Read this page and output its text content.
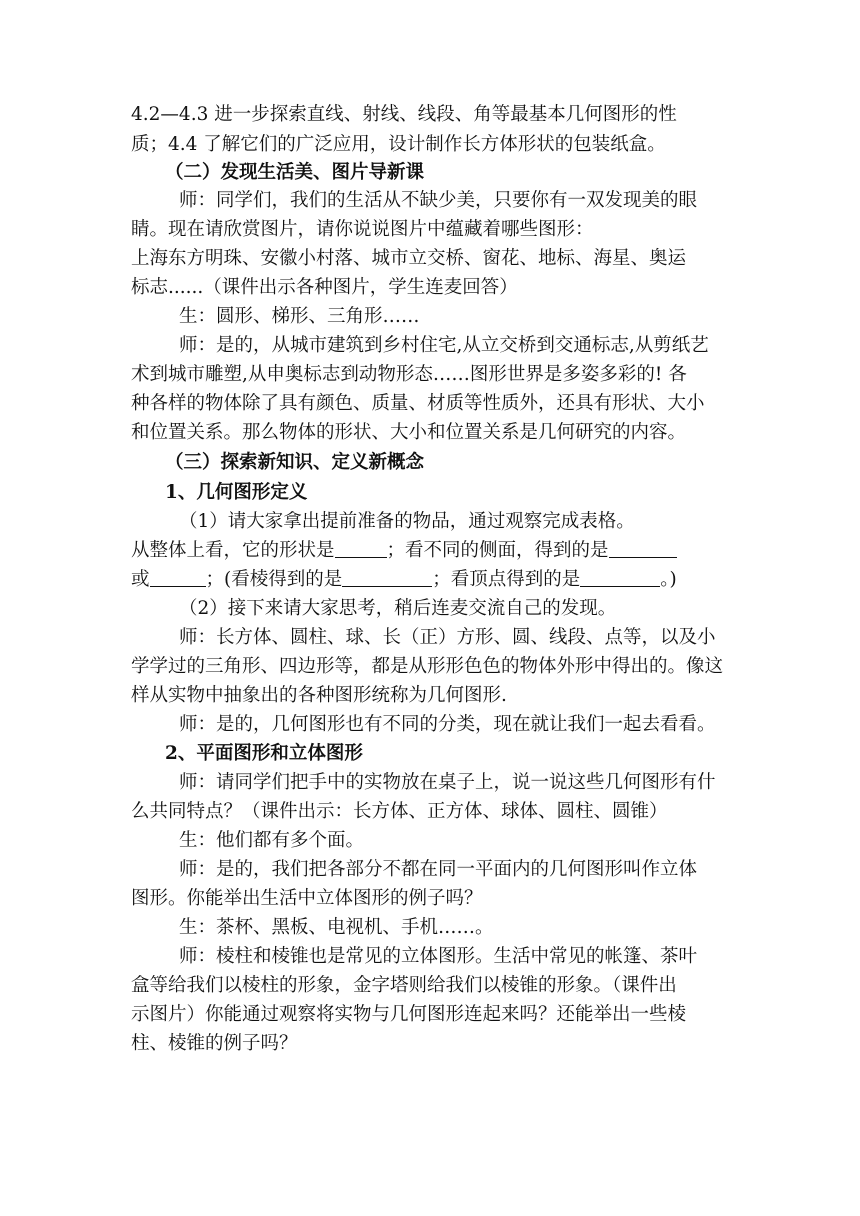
4.2—4.3 进一步探索直线、射线、线段、角等最基本几何图形的性
质；4.4 了解它们的广泛应用，设计制作长方体形状的包装纸盒。
（二）发现生活美、图片导新课
师：同学们，我们的生活从不缺少美，只要你有一双发现美的眼
睛。现在请欣赏图片，请你说说图片中蕴藏着哪些图形：
上海东方明珠、安徽小村落、城市立交桥、窗花、地标、海星、奥运
标志......（课件出示各种图片，学生连麦回答）
生：圆形、梯形、三角形……
师：是的，从城市建筑到乡村住宅,从立交桥到交通标志,从剪纸艺
术到城市雕塑,从申奥标志到动物形态……图形世界是多姿多彩的! 各
种各样的物体除了具有颜色、质量、材质等性质外，还具有形状、大小
和位置关系。那么物体的形状、大小和位置关系是几何研究的内容。
（三）探索新知识、定义新概念
1、几何图形定义
（1）请大家拿出提前准备的物品，通过观察完成表格。
从整体上看，它的形状是	；看不同的侧面，得到的是
或	；(看棱得到的是	；看顶点得到的是	。)
（2）接下来请大家思考，稍后连麦交流自己的发现。
师：长方体、圆柱、球、长（正）方形、圆、线段、点等，以及小
学学过的三角形、四边形等，都是从形形色色的物体外形中得出的。像这
样从实物中抽象出的各种图形统称为几何图形.
师：是的，几何图形也有不同的分类，现在就让我们一起去看看。
2、平面图形和立体图形
师：请同学们把手中的实物放在桌子上，说一说这些几何图形有什
么共同特点？（课件出示：长方体、正方体、球体、圆柱、圆锥）
生：他们都有多个面。
师：是的，我们把各部分不都在同一平面内的几何图形叫作立体
图形。你能举出生活中立体图形的例子吗？
生：茶杯、黑板、电视机、手机……。
师：棱柱和棱锥也是常见的立体图形。生活中常见的帐篷、茶叶
盒等给我们以棱柱的形象，金字塔则给我们以棱锥的形象。（课件出
示图片）你能通过观察将实物与几何图形连起来吗？还能举出一些棱
柱、棱锥的例子吗？
